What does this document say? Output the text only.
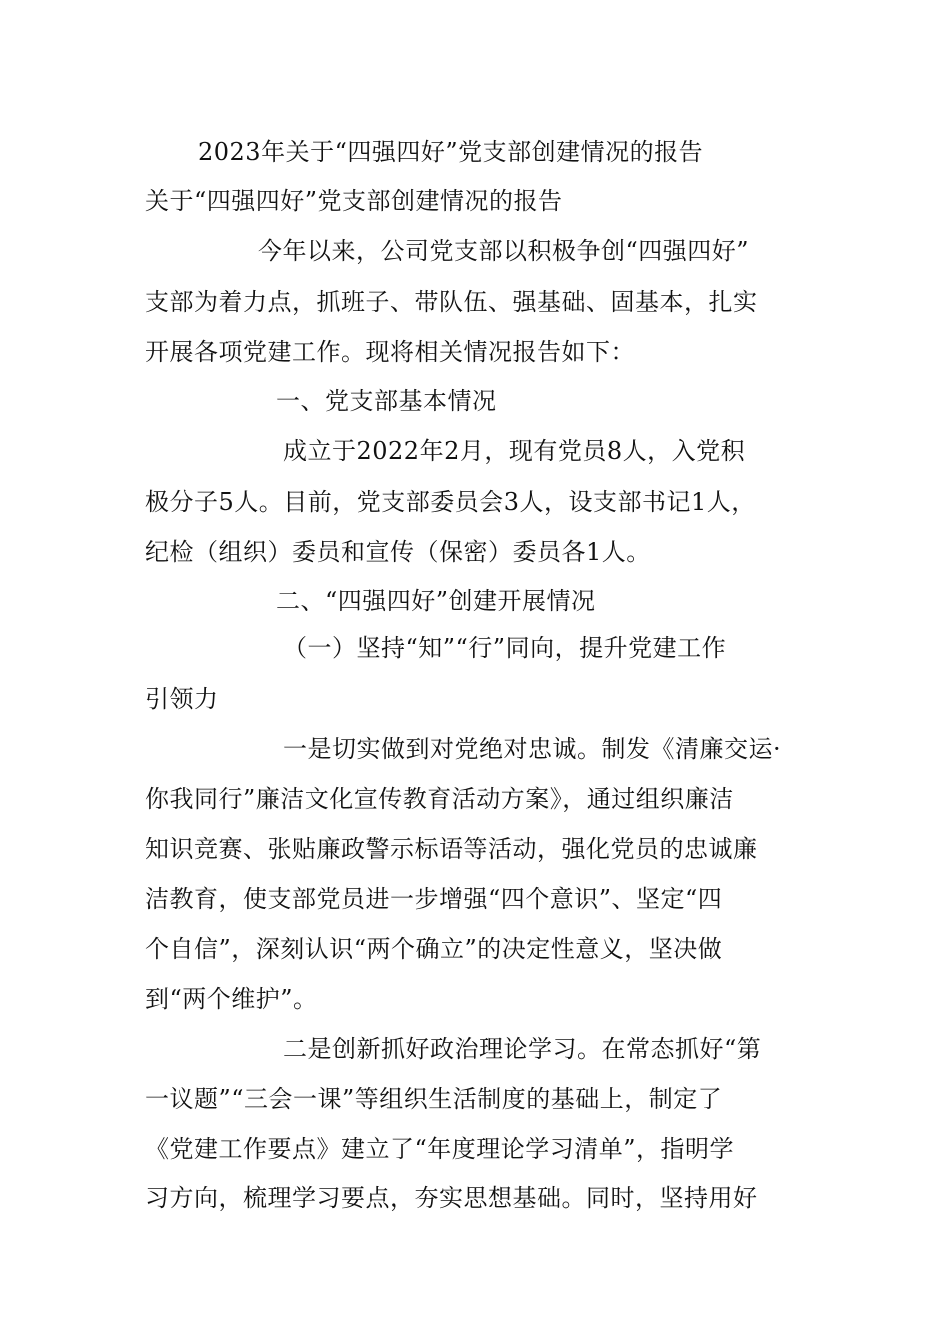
2023年关于“四强四好”党支部创建情况的报告

关于“四强四好”党支部创建情况的报告

今年以来，公司党支部以积极争创“四强四好”

支部为着力点，抓班子、带队伍、强基础、固基本，扎实

开展各项党建工作。现将相关情况报告如下：

一、党支部基本情况

成立于2022年2月，现有党员8人，入党积

极分子5人。目前，党支部委员会3人，设支部书记1人，

纪检（组织）委员和宣传（保密）委员各1人。

二、“四强四好”创建开展情况

（一）坚持“知”“行”同向，提升党建工作

引领力

一是切实做到对党绝对忠诚。制发《清廉交运·

你我同行”廉洁文化宣传教育活动方案》，通过组织廉洁

知识竞赛、张贴廉政警示标语等活动，强化党员的忠诚廉

洁教育，使支部党员进一步增强“四个意识”、坚定“四

个自信”，深刻认识“两个确立”的决定性意义，坚决做

到“两个维护”。

二是创新抓好政治理论学习。在常态抓好“第

一议题”“三会一课”等组织生活制度的基础上，制定了

《党建工作要点》建立了“年度理论学习清单”，指明学

习方向，梳理学习要点，夯实思想基础。同时，坚持用好
